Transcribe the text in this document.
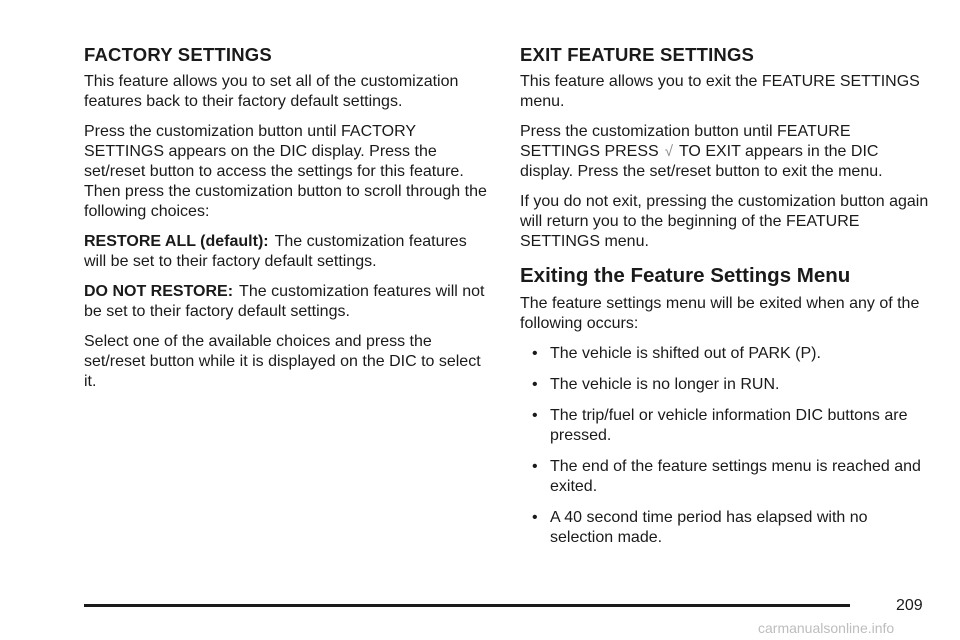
FACTORY SETTINGS

This feature allows you to set all of the customization features back to their factory default settings.

Press the customization button until FACTORY SETTINGS appears on the DIC display. Press the set/reset button to access the settings for this feature. Then press the customization button to scroll through the following choices:

RESTORE ALL (default): The customization features will be set to their factory default settings.

DO NOT RESTORE: The customization features will not be set to their factory default settings.

Select one of the available choices and press the set/reset button while it is displayed on the DIC to select it.

EXIT FEATURE SETTINGS

This feature allows you to exit the FEATURE SETTINGS menu.

Press the customization button until FEATURE SETTINGS PRESS √ TO EXIT appears in the DIC display. Press the set/reset button to exit the menu.

If you do not exit, pressing the customization button again will return you to the beginning of the FEATURE SETTINGS menu.

Exiting the Feature Settings Menu

The feature settings menu will be exited when any of the following occurs:

• The vehicle is shifted out of PARK (P).
• The vehicle is no longer in RUN.
• The trip/fuel or vehicle information DIC buttons are pressed.
• The end of the feature settings menu is reached and exited.
• A 40 second time period has elapsed with no selection made.
209
carmanualsonline.info
